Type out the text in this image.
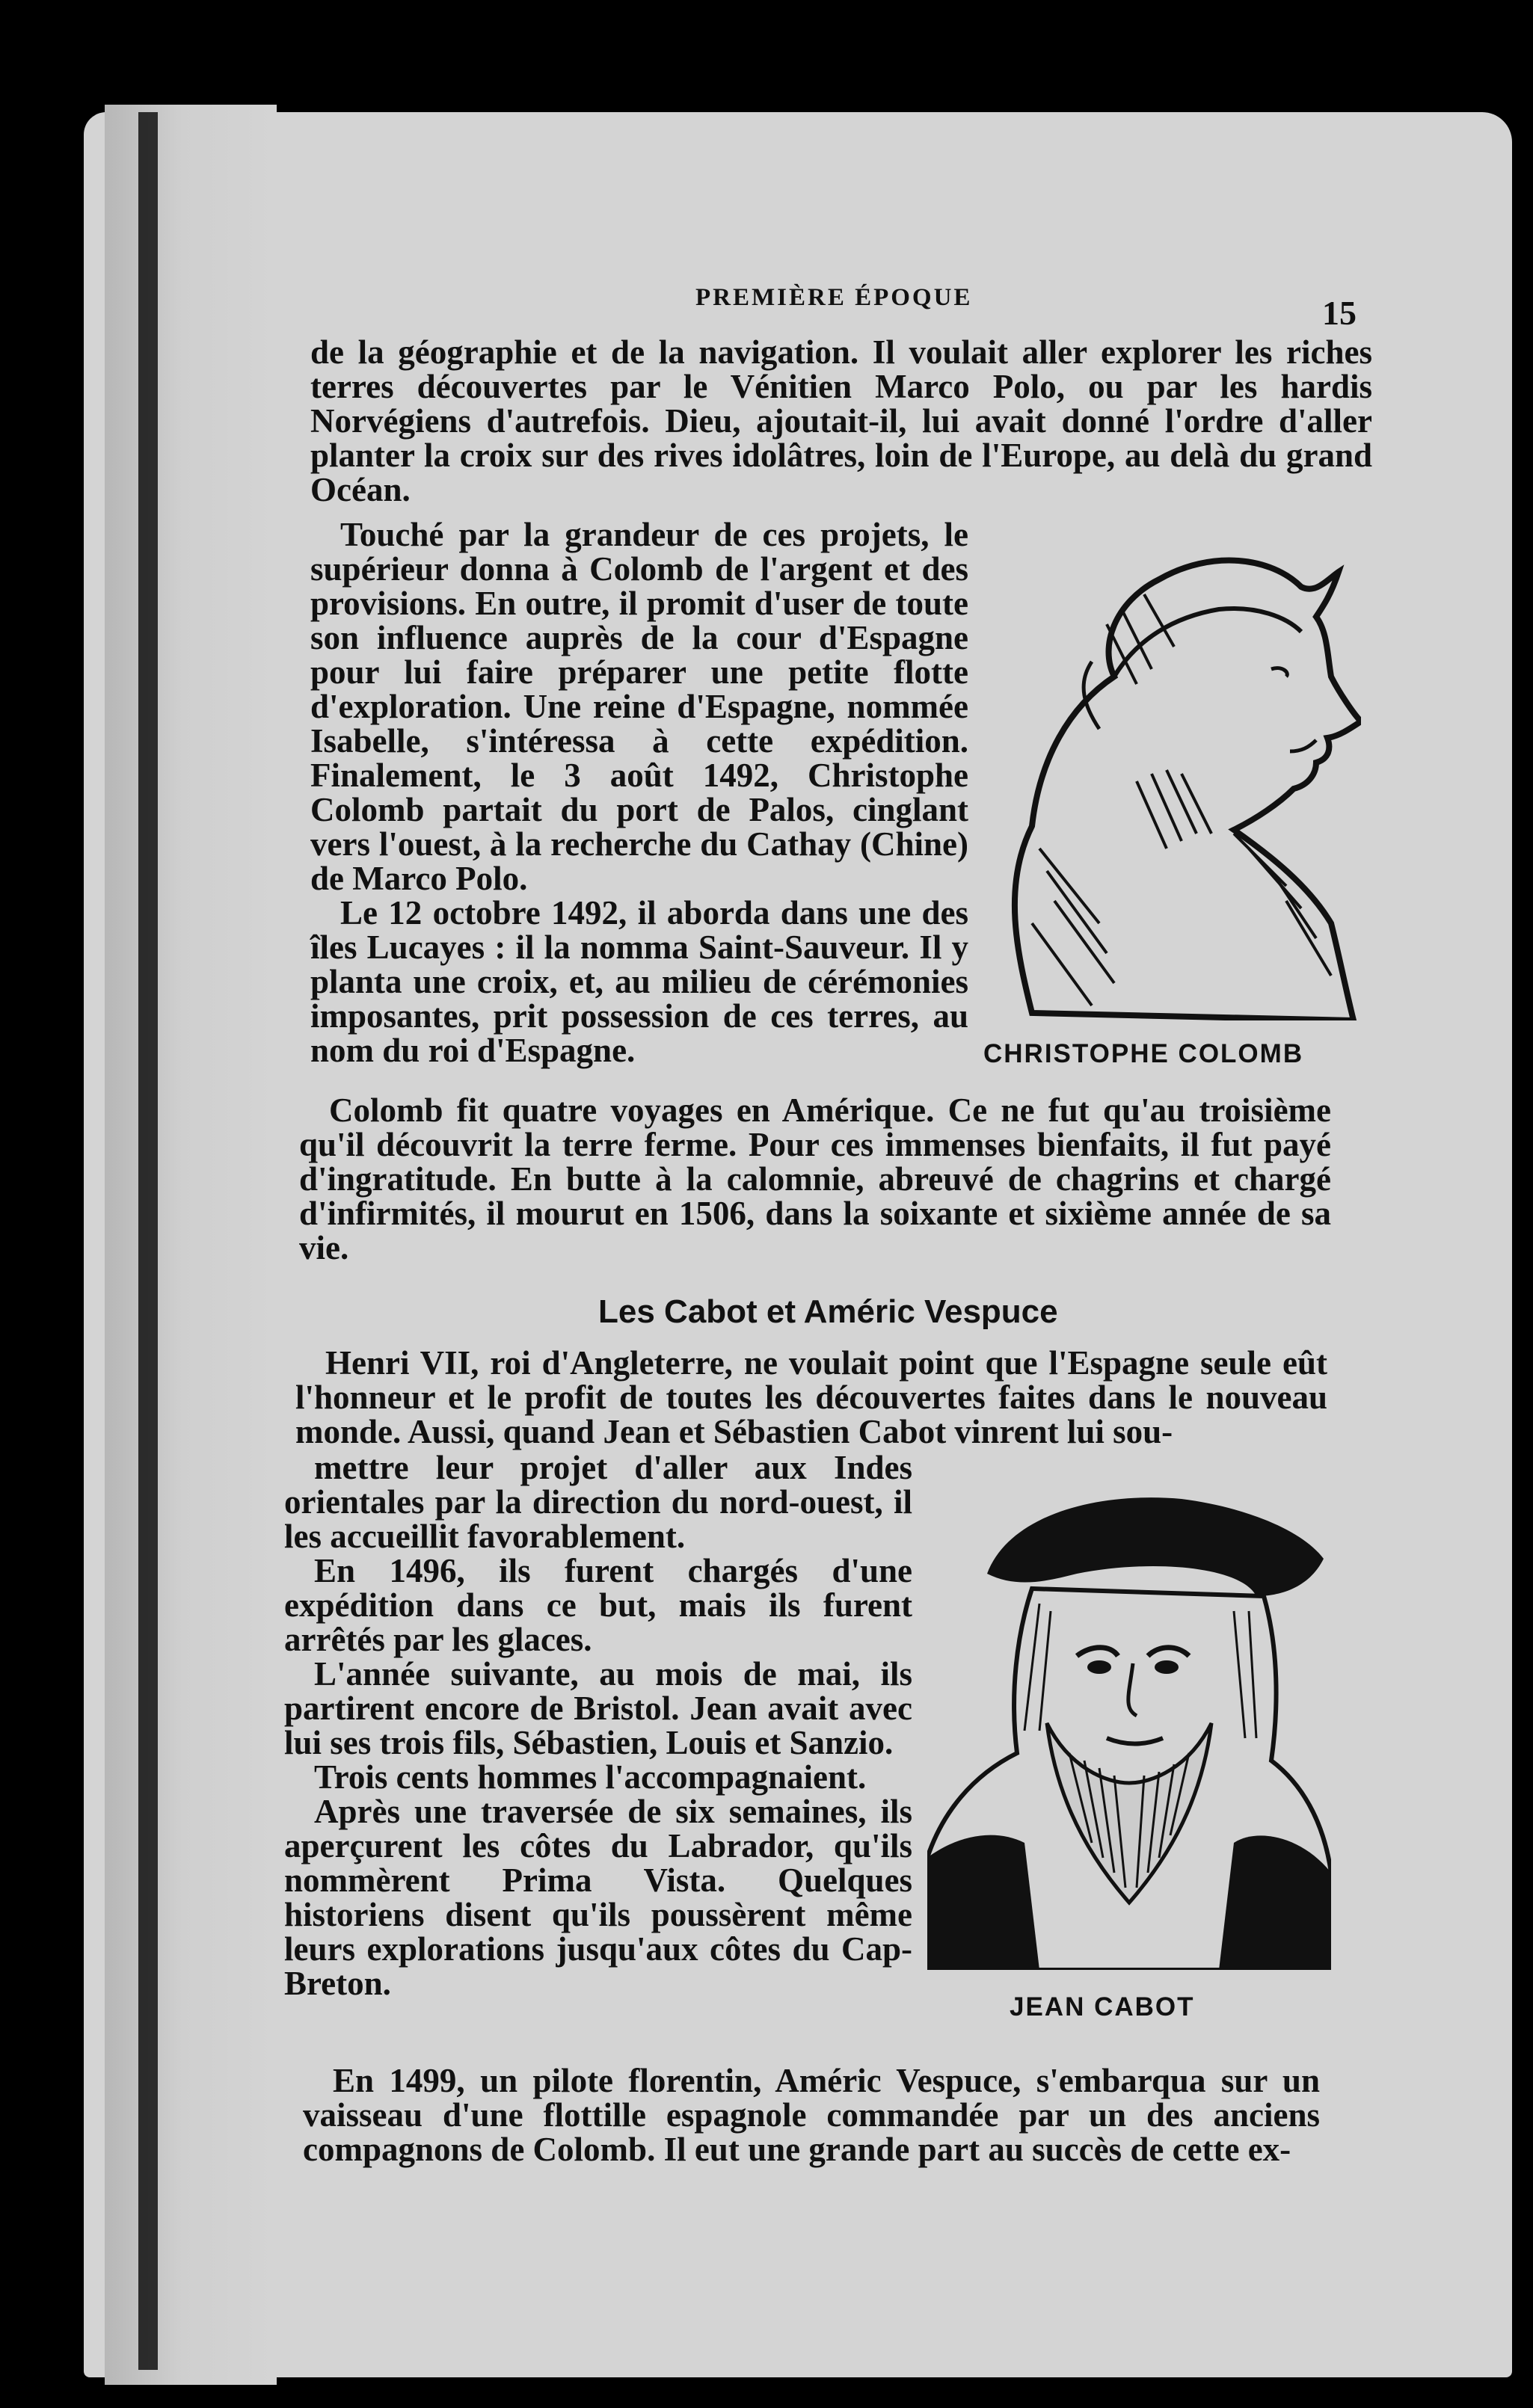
PREMIÈRE ÉPOQUE	15

de la géographie et de la navigation. Il voulait aller explorer les riches terres découvertes par le Vénitien Marco Polo, ou par les hardis Norvégiens d'autrefois. Dieu, ajoutait-il, lui avait donné l'ordre d'aller planter la croix sur des rives idolâtres, loin de l'Europe, au delà du grand Océan.

Touché par la grandeur de ces projets, le supérieur donna à Colomb de l'argent et des provisions. En outre, il promit d'user de toute son influence auprès de la cour d'Espagne pour lui faire préparer une petite flotte d'exploration. Une reine d'Espagne, nommée Isabelle, s'intéressa à cette expédition. Finalement, le 3 août 1492, Christophe Colomb partait du port de Palos, cinglant vers l'ouest, à la recherche du Cathay (Chine) de Marco Polo.

Le 12 octobre 1492, il aborda dans une des îles Lucayes : il la nomma Saint-Sauveur. Il y planta une croix, et, au milieu de cérémonies imposantes, prit possession de ces terres, au nom du roi d'Espagne.	CHRISTOPHE COLOMB

Colomb fit quatre voyages en Amérique. Ce ne fut qu'au troisième qu'il découvrit la terre ferme. Pour ces immenses bienfaits, il fut payé d'ingratitude. En butte à la calomnie, abreuvé de chagrins et chargé d'infirmités, il mourut en 1506, dans la soixante et sixième année de sa vie.

Les Cabot et Améric Vespuce

Henri VII, roi d'Angleterre, ne voulait point que l'Espagne seule eût l'honneur et le profit de toutes les découvertes faites dans le nouveau monde. Aussi, quand Jean et Sébastien Cabot vinrent lui sou-

mettre leur projet d'aller aux Indes orientales par la direction du nord-ouest, il les accueillit favorablement.

En 1496, ils furent chargés d'une expédition dans ce but, mais ils furent arrêtés par les glaces.

L'année suivante, au mois de mai, ils partirent encore de Bristol. Jean avait avec lui ses trois fils, Sébastien, Louis et Sanzio.

Trois cents hommes l'accompagnaient.

Après une traversée de six semaines, ils aperçurent les côtes du Labrador, qu'ils nommèrent Prima Vista. Quelques historiens disent qu'ils poussèrent même leurs explorations jusqu'aux côtes du Cap-Breton.

JEAN CABOT

En 1499, un pilote florentin, Améric Vespuce, s'embarqua sur un vaisseau d'une flottille espagnole commandée par un des anciens compagnons de Colomb. Il eut une grande part au succès de cette ex-
